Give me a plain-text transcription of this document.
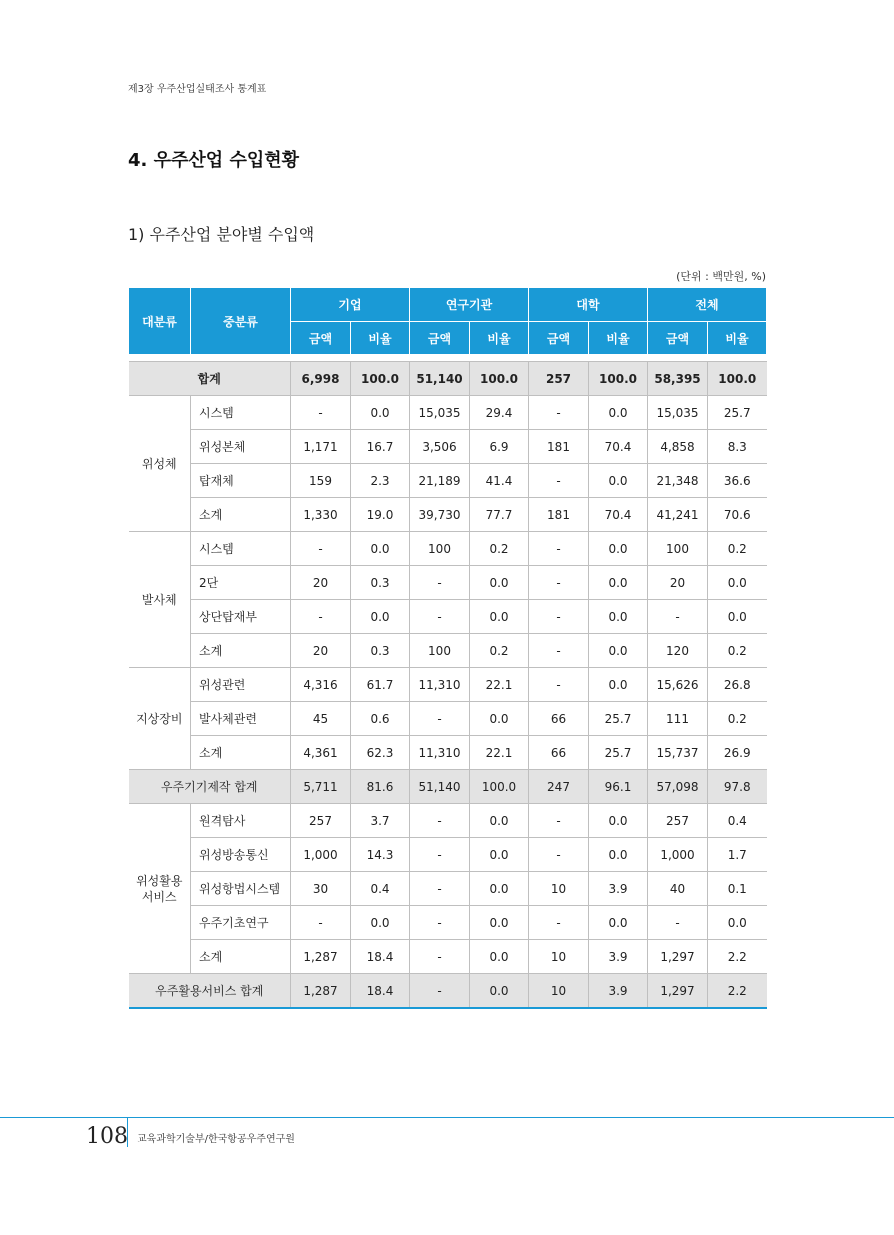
제3장 우주산업실태조사 통계표
4. 우주산업 수입현황
1) 우주산업 분야별 수입액
(단위 : 백만원, %)
대분류	중분류	기업		연구기관		대학		전체	
		금액	비율	금액	비율	금액	비율	금액	비율

합계		6,998	100.0	51,140	100.0	257	100.0	58,395	100.0
위성체	시스템	-	0.0	15,035	29.4	-	0.0	15,035	25.7
	위성본체	1,171	16.7	3,506	6.9	181	70.4	4,858	8.3
	탑재체	159	2.3	21,189	41.4	-	0.0	21,348	36.6
	소계	1,330	19.0	39,730	77.7	181	70.4	41,241	70.6
발사체	시스템	-	0.0	100	0.2	-	0.0	100	0.2
	2단	20	0.3	-	0.0	-	0.0	20	0.0
	상단탑재부	-	0.0	-	0.0	-	0.0	-	0.0
	소계	20	0.3	100	0.2	-	0.0	120	0.2
지상장비	위성관련	4,316	61.7	11,310	22.1	-	0.0	15,626	26.8
	발사체관련	45	0.6	-	0.0	66	25.7	111	0.2
	소계	4,361	62.3	11,310	22.1	66	25.7	15,737	26.9
우주기기제작 합계		5,711	81.6	51,140	100.0	247	96.1	57,098	97.8
위성활용
서비스	원격탐사	257	3.7	-	0.0	-	0.0	257	0.4
	위성방송통신	1,000	14.3	-	0.0	-	0.0	1,000	1.7
	위성항법시스템	30	0.4	-	0.0	10	3.9	40	0.1
	우주기초연구	-	0.0	-	0.0	-	0.0	-	0.0
	소계	1,287	18.4	-	0.0	10	3.9	1,297	2.2
우주활용서비스 합계		1,287	18.4	-	0.0	10	3.9	1,297	2.2
108 교육과학기술부/한국항공우주연구원
